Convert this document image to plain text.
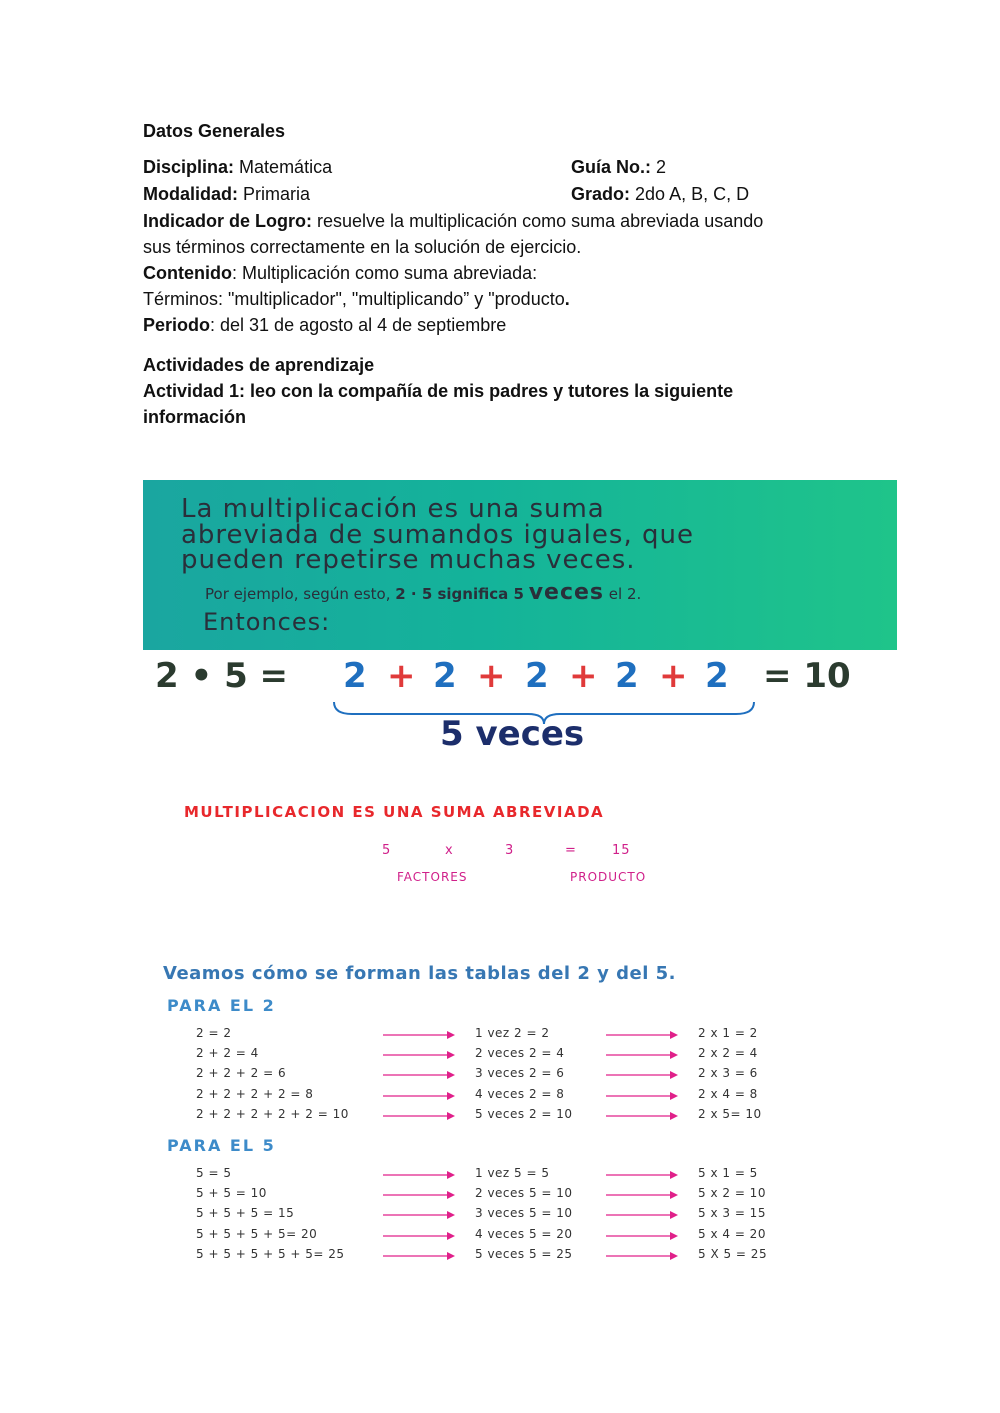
Datos Generales
Disciplina: Matemática	Guía No.: 2
Modalidad: Primaria	Grado: 2do A, B, C, D
Indicador de Logro: resuelve la multiplicación como suma abreviada usando
sus términos correctamente en la solución de ejercicio.
Contenido: Multiplicación como suma abreviada:
Términos: "multiplicador", "multiplicando” y "producto.
Periodo: del 31 de agosto al 4 de septiembre
Actividades de aprendizaje
Actividad 1: leo con la compañía de mis padres y tutores la siguiente
información
La multiplicación es una suma
abreviada de sumandos iguales, que
pueden repetirse muchas veces.
Por ejemplo, según esto, 2 · 5 significa 5 veces el 2.
Entonces:
2 • 5 = 2 + 2 + 2 + 2 + 2 = 10
5 veces
MULTIPLICACION ES UNA SUMA ABREVIADA
5	x	3	=	15
FACTORES	PRODUCTO
Veamos cómo se forman las tablas del 2 y del 5.
PARA EL 2
PARA EL 5
2 = 2	1 vez 2 = 2	2 x 1 = 2
2 + 2 = 4	2 veces 2 = 4	2 x 2 = 4
2 + 2 + 2 = 6	3 veces 2 = 6	2 x 3 = 6
2 + 2 + 2 + 2 = 8	4 veces 2 = 8	2 x 4 = 8
2 + 2 + 2 + 2 + 2 = 10	5 veces 2 = 10	2 x 5= 10
5 = 5	1 vez 5 = 5	5 x 1 = 5
5 + 5 = 10	2 veces 5 = 10	5 x 2 = 10
5 + 5 + 5 = 15	3 veces 5 = 10	5 x 3 = 15
5 + 5 + 5 + 5= 20	4 veces 5 = 20	5 x 4 = 20
5 + 5 + 5 + 5 + 5= 25	5 veces 5 = 25	5 X 5 = 25
